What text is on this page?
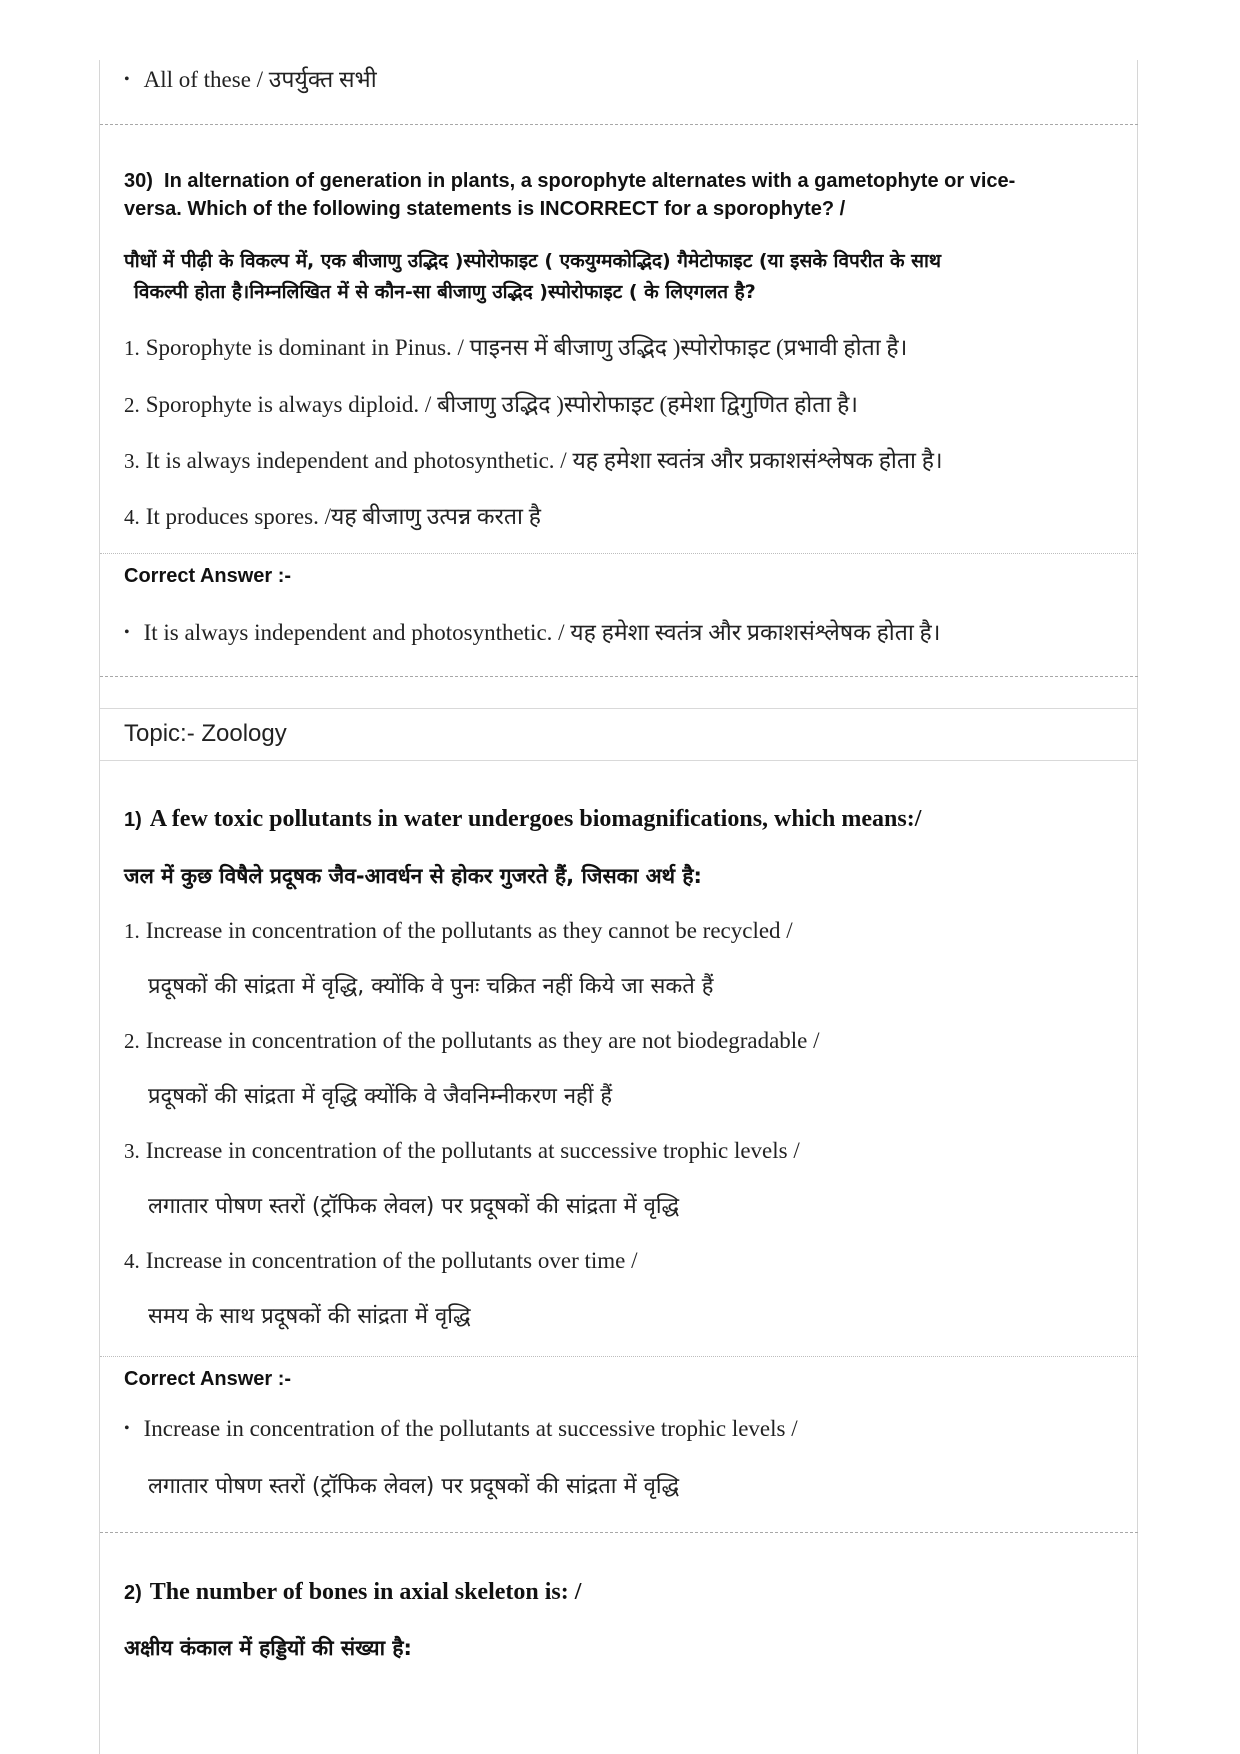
• All of these / उपर्युक्त सभी
30) In alternation of generation in plants, a sporophyte alternates with a gametophyte or vice-
versa. Which of the following statements is INCORRECT for a sporophyte? /
पौधों में पीढ़ी के विकल्प में, एक बीजाणु उद्भिद )स्पोरोफाइट ( एकयुग्मकोद्भिद) गैमेटोफाइट (या इसके विपरीत के साथ
विकल्पी होता है।निम्नलिखित में से कौन-सा बीजाणु उद्भिद )स्पोरोफाइट ( के लिएगलत है?
1. Sporophyte is dominant in Pinus. / पाइनस में बीजाणु उद्भिद )स्पोरोफाइट (प्रभावी होता है।
2. Sporophyte is always diploid. / बीजाणु उद्भिद )स्पोरोफाइट (हमेशा द्विगुणित होता है।
3. It is always independent and photosynthetic. / यह हमेशा स्वतंत्र और प्रकाशसंश्लेषक होता है।
4. It produces spores. /यह बीजाणु उत्पन्न करता है
Correct Answer :-
• It is always independent and photosynthetic. / यह हमेशा स्वतंत्र और प्रकाशसंश्लेषक होता है।
Topic:- Zoology
1) A few toxic pollutants in water undergoes biomagnifications, which means:/
जल में कुछ विषैले प्रदूषक जैव-आवर्धन से होकर गुजरते हैं, जिसका अर्थ है:
1. Increase in concentration of the pollutants as they cannot be recycled /
प्रदूषकों की सांद्रता में वृद्धि, क्योंकि वे पुनः चक्रित नहीं किये जा सकते हैं
2. Increase in concentration of the pollutants as they are not biodegradable /
प्रदूषकों की सांद्रता में वृद्धि क्योंकि वे जैवनिम्नीकरण नहीं हैं
3. Increase in concentration of the pollutants at successive trophic levels /
लगातार पोषण स्तरों (ट्रॉफिक लेवल) पर प्रदूषकों की सांद्रता में वृद्धि
4. Increase in concentration of the pollutants over time /
समय के साथ प्रदूषकों की सांद्रता में वृद्धि
Correct Answer :-
• Increase in concentration of the pollutants at successive trophic levels /
लगातार पोषण स्तरों (ट्रॉफिक लेवल) पर प्रदूषकों की सांद्रता में वृद्धि
2) The number of bones in axial skeleton is: /
अक्षीय कंकाल में हड्डियों की संख्या है:
